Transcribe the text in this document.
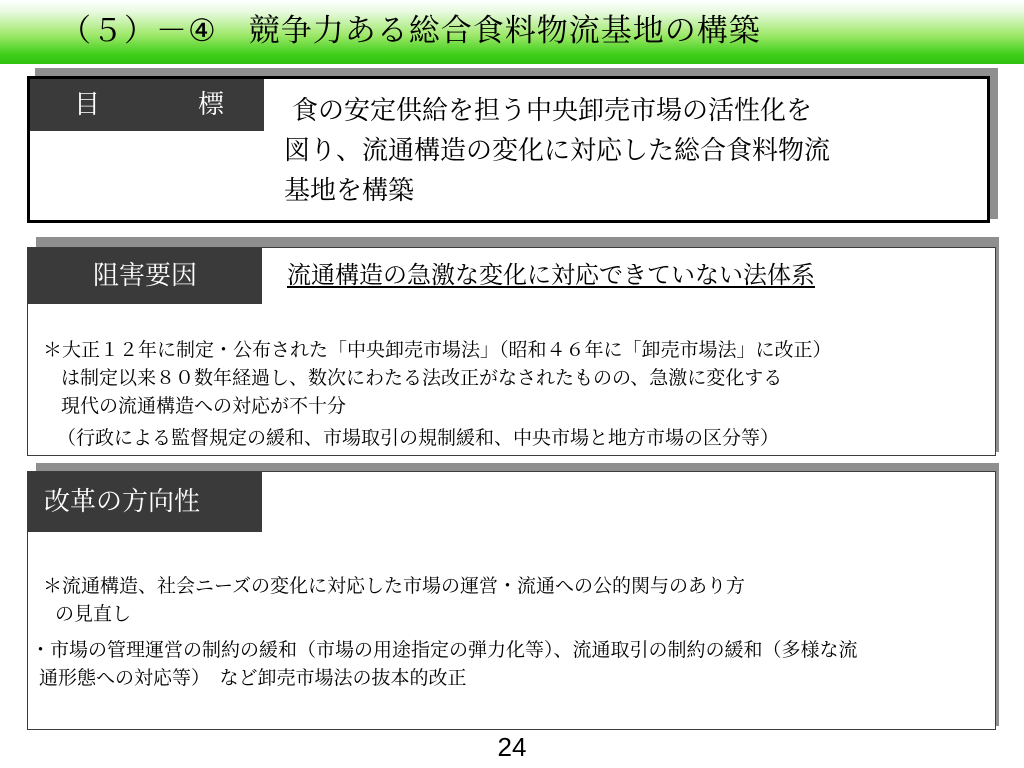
（５）－④　競争力ある総合食料物流基地の構築
目	標	食の安定供給を担う中央卸売市場の活性化を
図り、流通構造の変化に対応した総合食料物流
基地を構築
阻害要因	流通構造の急激な変化に対応できていない法体系
＊大正１２年に制定・公布された「中央卸売市場法」（昭和４６年に「卸売市場法」に改正）
は制定以来８０数年経過し、数次にわたる法改正がなされたものの、急激に変化する
現代の流通構造への対応が不十分
（行政による監督規定の緩和、市場取引の規制緩和、中央市場と地方市場の区分等）
改革の方向性
＊流通構造、社会ニーズの変化に対応した市場の運営・流通への公的関与のあり方
の見直し
・市場の管理運営の制約の緩和（市場の用途指定の弾力化等）、流通取引の制約の緩和（多様な流
通形態への対応等）　など卸売市場法の抜本的改正
24
